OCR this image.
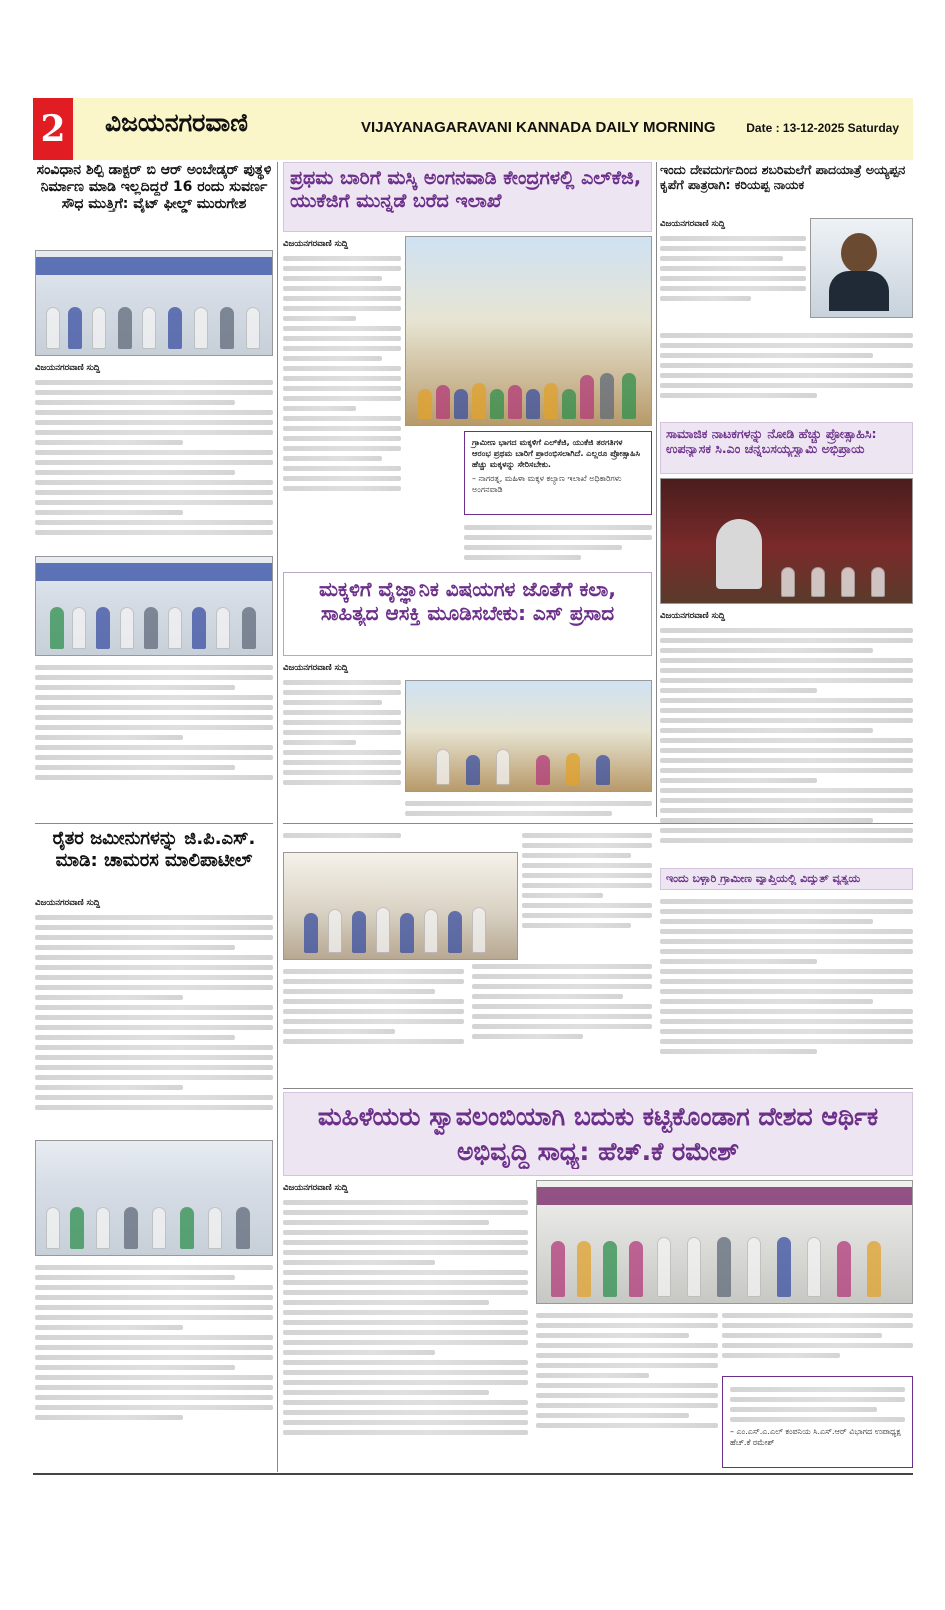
2 ವಿಜಯನಗರವಾಣಿ	VIJAYANAGARAVANI KANNADA DAILY MORNING	Date : 13-12-2025 Saturday
ಸಂವಿಧಾನ ಶಿಲ್ಪಿ ಡಾಕ್ಟರ್ ಬಿ ಆರ್ ಅಂಬೇಡ್ಕರ್ ಪುತ್ಥಳಿ ನಿರ್ಮಾಣ ಮಾಡಿ ಇಲ್ಲದಿದ್ದರೆ 16 ರಂದು ಸುವರ್ಣ ಸೌಧ ಮುತ್ತಿಗೆ: ವೈಟ್ ಫೀಲ್ಡ್ ಮುರುಗೇಶ
ವಿಜಯನಗರವಾಣಿ ಸುದ್ದಿ
ರೈತರ ಜಮೀನುಗಳನ್ನು ಜಿ.ಪಿ.ಎಸ್. ಮಾಡಿ: ಚಾಮರಸ ಮಾಲಿಪಾಟೀಲ್
ವಿಜಯನಗರವಾಣಿ ಸುದ್ದಿ
ಪ್ರಥಮ ಬಾರಿಗೆ ಮಸ್ಕಿ ಅಂಗನವಾಡಿ ಕೇಂದ್ರಗಳಲ್ಲಿ ಎಲ್‌ಕೆಜಿ, ಯುಕೆಜಿಗೆ ಮುನ್ನಡೆ ಬರೆದ ಇಲಾಖೆ
ವಿಜಯನಗರವಾಣಿ ಸುದ್ದಿ
ಗ್ರಾಮೀಣ ಭಾಗದ ಮಕ್ಕಳಿಗೆ ಎಲ್‌ಕೆಜಿ, ಯುಕೆಜಿ ತರಗತಿಗಳ ಆರಂಭ ಪ್ರಥಮ ಬಾರಿಗೆ ಪ್ರಾರಂಭಿಸಲಾಗಿದೆ. ಎಲ್ಲರೂ ಪ್ರೋತ್ಸಾಹಿಸಿ ಹೆಚ್ಚು ಮಕ್ಕಳನ್ನು ಸೇರಿಸಬೇಕು.
– ನಾಗರತ್ನ, ಮಹಿಳಾ ಮಕ್ಕಳ ಕಲ್ಯಾಣ ಇಲಾಖೆ ಅಧಿಕಾರಿಗಳು ಅಂಗನವಾಡಿ
ಮಕ್ಕಳಿಗೆ ವೈಜ್ಞಾನಿಕ ವಿಷಯಗಳ ಜೊತೆಗೆ ಕಲಾ, ಸಾಹಿತ್ಯದ ಆಸಕ್ತಿ ಮೂಡಿಸಬೇಕು: ಎಸ್ ಪ್ರಸಾದ
ವಿಜಯನಗರವಾಣಿ ಸುದ್ದಿ
ಇಂದು ದೇವದುರ್ಗದಿಂದ ಶಬರಿಮಲೆಗೆ ಪಾದಯಾತ್ರೆ ಅಯ್ಯಪ್ಪನ ಕೃಪೆಗೆ ಪಾತ್ರರಾಗಿ: ಕರಿಯಪ್ಪ ನಾಯಕ
ವಿಜಯನಗರವಾಣಿ ಸುದ್ದಿ
ಸಾಮಾಜಿಕ ನಾಟಕಗಳನ್ನು ನೋಡಿ ಹೆಚ್ಚು ಪ್ರೋತ್ಸಾಹಿಸಿ: ಉಪನ್ಯಾಸಕ ಸಿ.ಎಂ ಚನ್ನಬಸಯ್ಯಸ್ವಾಮಿ ಅಭಿಪ್ರಾಯ
ವಿಜಯನಗರವಾಣಿ ಸುದ್ದಿ
ಇಂದು ಬಳ್ಳಾರಿ ಗ್ರಾಮೀಣ ವ್ಯಾಪ್ತಿಯಲ್ಲಿ ವಿದ್ಯುತ್ ವ್ಯತ್ಯಯ
ಮಹಿಳೆಯರು ಸ್ವಾವಲಂಬಿಯಾಗಿ ಬದುಕು ಕಟ್ಟಿಕೊಂಡಾಗ ದೇಶದ ಆರ್ಥಿಕ ಅಭಿವೃದ್ಧಿ ಸಾಧ್ಯ: ಹೆಚ್.ಕೆ ರಮೇಶ್
ವಿಜಯನಗರವಾಣಿ ಸುದ್ದಿ
– ಎಂ.ಎಸ್.ಎ.ಎಲ್ ಕಂಪನಿಯ ಸಿ.ಎಸ್.ಆರ್ ವಿಭಾಗದ ಉಪಾಧ್ಯಕ್ಷ ಹೆಚ್.ಕೆ ರಮೇಶ್
